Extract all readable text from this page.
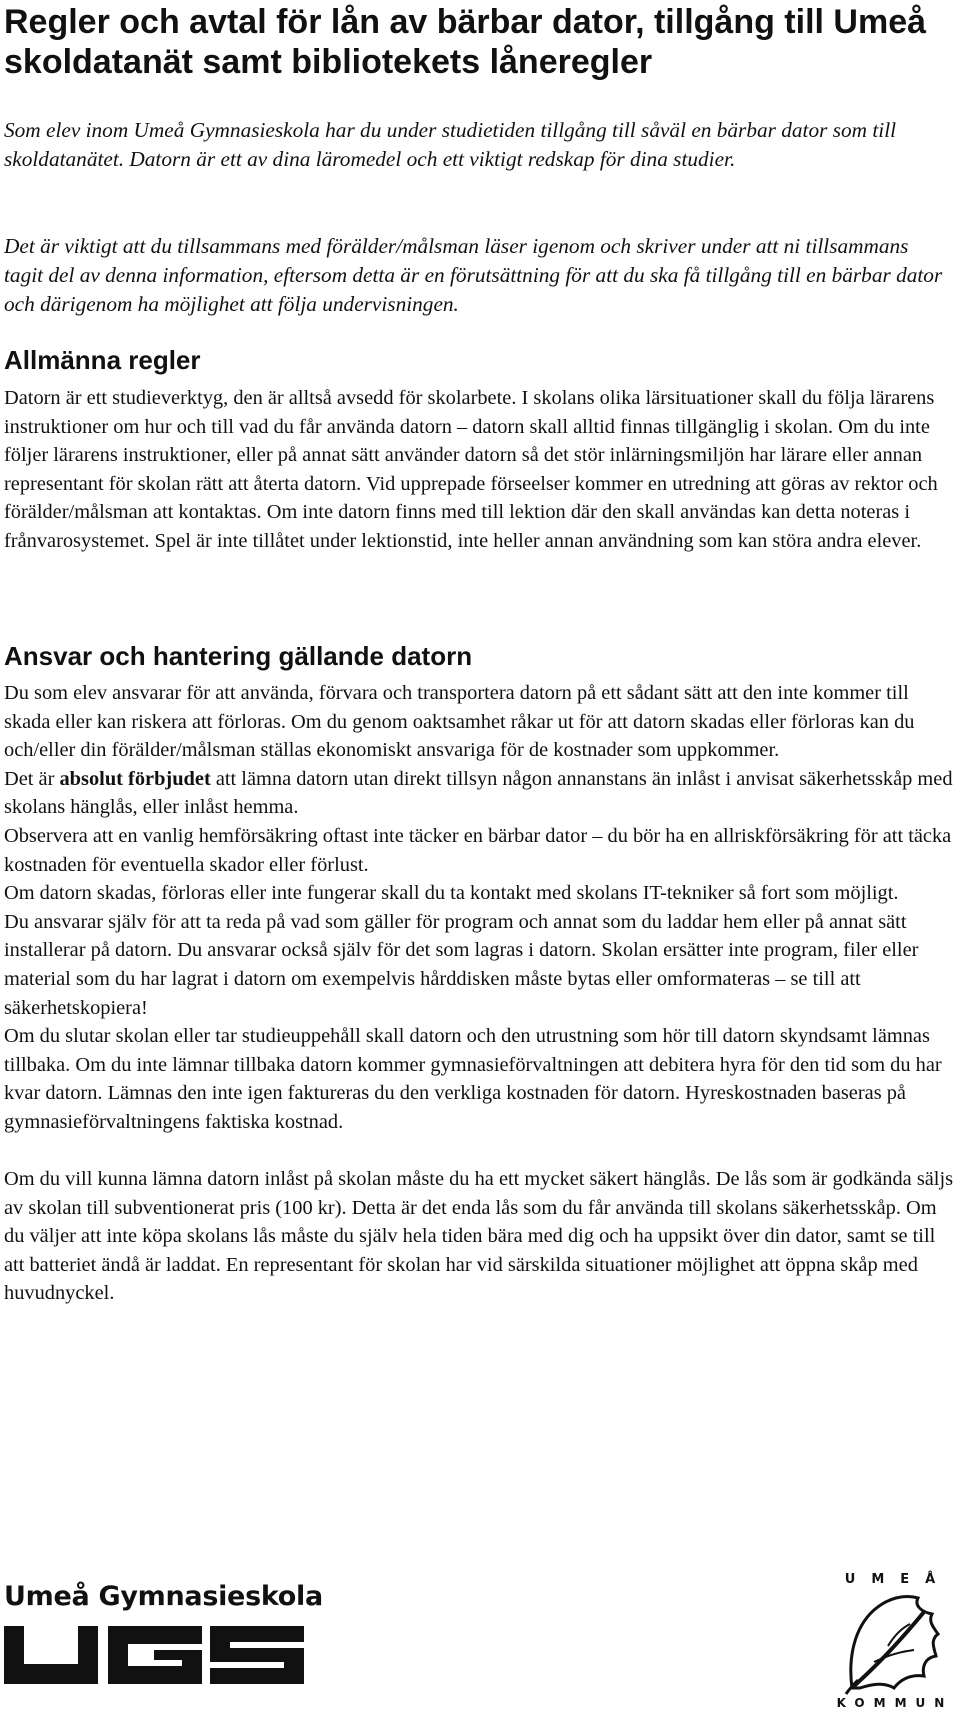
Regler och avtal för lån av bärbar dator, tillgång till Umeå skoldatanät samt bibliotekets låneregler

Som elev inom Umeå Gymnasieskola har du under studietiden tillgång till såväl en bärbar dator som till skoldatanätet. Datorn är ett av dina läromedel och ett viktigt redskap för dina studier.

Det är viktigt att du tillsammans med förälder/målsman läser igenom och skriver under att ni tillsammans tagit del av denna information, eftersom detta är en förutsättning för att du ska få tillgång till en bärbar dator och därigenom ha möjlighet att följa undervisningen.

Allmänna regler

Datorn är ett studieverktyg, den är alltså avsedd för skolarbete. I skolans olika lärsituationer skall du följa lärarens instruktioner om hur och till vad du får använda datorn – datorn skall alltid finnas tillgänglig i skolan. Om du inte följer lärarens instruktioner, eller på annat sätt använder datorn så det stör inlärningsmiljön har lärare eller annan representant för skolan rätt att återta datorn. Vid upprepade förseelser kommer en utredning att göras av rektor och förälder/målsman att kontaktas. Om inte datorn finns med till lektion där den skall användas kan detta noteras i frånvarosystemet. Spel är inte tillåtet under lektionstid, inte heller annan användning som kan störa andra elever.

Ansvar och hantering gällande datorn

Du som elev ansvarar för att använda, förvara och transportera datorn på ett sådant sätt att den inte kommer till skada eller kan riskera att förloras. Om du genom oaktsamhet råkar ut för att datorn skadas eller förloras kan du och/eller din förälder/målsman ställas ekonomiskt ansvariga för de kostnader som uppkommer.

Det är absolut förbjudet att lämna datorn utan direkt tillsyn någon annanstans än inlåst i anvisat säkerhetsskåp med skolans hänglås, eller inlåst hemma.

Observera att en vanlig hemförsäkring oftast inte täcker en bärbar dator – du bör ha en allriskförsäkring för att täcka kostnaden för eventuella skador eller förlust.

Om datorn skadas, förloras eller inte fungerar skall du ta kontakt med skolans IT-tekniker så fort som möjligt.

Du ansvarar själv för att ta reda på vad som gäller för program och annat som du laddar hem eller på annat sätt installerar på datorn. Du ansvarar också själv för det som lagras i datorn. Skolan ersätter inte program, filer eller material som du har lagrat i datorn om exempelvis hårddisken måste bytas eller omformateras – se till att säkerhetskopiera!

Om du slutar skolan eller tar studieuppehåll skall datorn och den utrustning som hör till datorn skyndsamt lämnas tillbaka. Om du inte lämnar tillbaka datorn kommer gymnasieförvaltningen att debitera hyra för den tid som du har kvar datorn. Lämnas den inte igen faktureras du den verkliga kostnaden för datorn. Hyreskostnaden baseras på gymnasieförvaltningens faktiska kostnad.

Om du vill kunna lämna datorn inlåst på skolan måste du ha ett mycket säkert hänglås. De lås som är godkända säljs av skolan till subventionerat pris (100 kr). Detta är det enda lås som du får använda till skolans säkerhetsskåp. Om du väljer att inte köpa skolans lås måste du själv hela tiden bära med dig och ha uppsikt över din dator, samt se till att batteriet ändå är laddat. En representant för skolan har vid särskilda situationer möjlighet att öppna skåp med huvudnyckel.

Umeå Gymnasieskola
UMEÅ
KOMMUN
